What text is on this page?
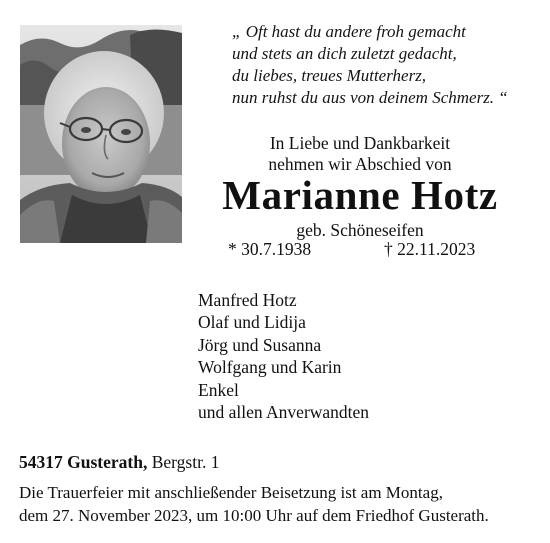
„ Oft hast du andere froh gemacht
und stets an dich zuletzt gedacht,
du liebes, treues Mutterherz,
nun ruhst du aus von deinem Schmerz. “
In Liebe und Dankbarkeit
nehmen wir Abschied von
Marianne Hotz
geb. Schöneseifen
* 30.7.1938	† 22.11.2023
Manfred Hotz
Olaf und Lidija
Jörg und Susanna
Wolfgang und Karin
Enkel
und allen Anverwandten
54317 Gusterath, Bergstr. 1
Die Trauerfeier mit anschließender Beisetzung ist am Montag,
dem 27. November 2023, um 10:00 Uhr auf dem Friedhof Gusterath.
